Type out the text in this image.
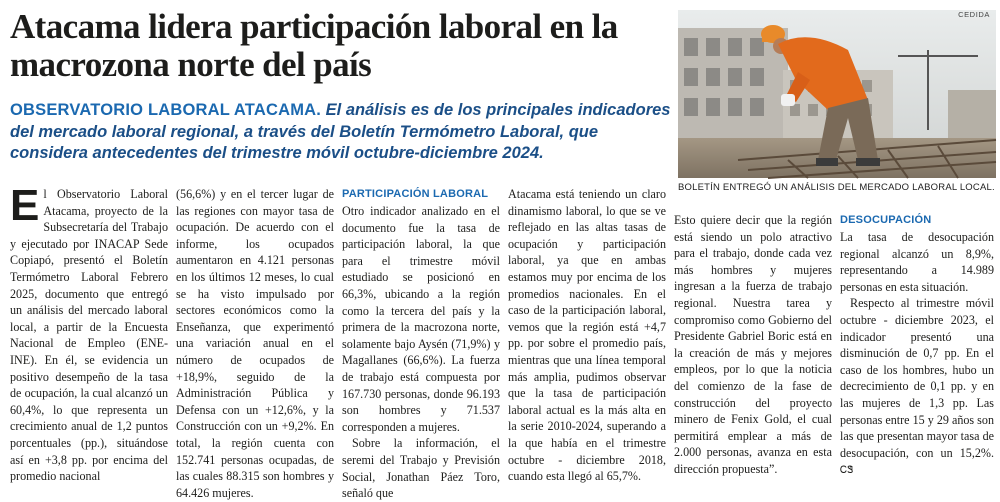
Atacama lidera participación laboral en la macrozona norte del país
OBSERVATORIO LABORAL ATACAMA. El análisis es de los principales indicadores del mercado laboral regional, a través del Boletín Termómetro Laboral, que considera antecedentes del trimestre móvil octubre-diciembre 2024.
CEDIDA
BOLETÍN ENTREGÓ UN ANÁLISIS DEL MERCADO LABORAL LOCAL.

El Observatorio Laboral Atacama, proyecto de la Subsecretaría del Trabajo y ejecutado por INACAP Sede Copiapó, presentó el Boletín Termómetro Laboral Febrero 2025, documento que entregó un análisis del mercado laboral local, a partir de la Encuesta Nacional de Empleo (ENE-INE). En él, se evidencia un positivo desempeño de la tasa de ocupación, la cual alcanzó un 60,4%, lo que representa un crecimiento anual de 1,2 puntos porcentuales (pp.), situándose así en +3,8 pp. por encima del promedio nacional

(56,6%) y en el tercer lugar de las regiones con mayor tasa de ocupación. De acuerdo con el informe, los ocupados aumentaron en 4.121 personas en los últimos 12 meses, lo cual se ha visto impulsado por sectores económicos como la Enseñanza, que experimentó una variación anual en el número de ocupados de +18,9%, seguido de la Administración Pública y Defensa con un +12,6%, y la Construcción con un +9,2%. En total, la región cuenta con 152.741 personas ocupadas, de las cuales 88.315 son hombres y 64.426 mujeres.

PARTICIPACIÓN LABORAL

Otro indicador analizado en el documento fue la tasa de participación laboral, la que para el trimestre móvil estudiado se posicionó en 66,3%, ubicando a la región como la tercera del país y la primera de la macrozona norte, solamente bajo Aysén (71,9%) y Magallanes (66,6%). La fuerza de trabajo está compuesta por 167.730 personas, donde 96.193 son hombres y 71.537 corresponden a mujeres.

Sobre la información, el seremi del Trabajo y Previsión Social, Jonathan Páez Toro, señaló que

Atacama está teniendo un claro dinamismo laboral, lo que se ve reflejado en las altas tasas de ocupación y participación laboral, ya que en ambas estamos muy por encima de los promedios nacionales. En el caso de la participación laboral, vemos que la región está +4,7 pp. por sobre el promedio país, mientras que una línea temporal más amplia, pudimos observar que la tasa de participación laboral actual es la más alta en la serie 2010-2024, superando a la que había en el trimestre octubre - diciembre 2018, cuando esta llegó al 65,7%.

Esto quiere decir que la región está siendo un polo atractivo para el trabajo, donde cada vez más hombres y mujeres ingresan a la fuerza de trabajo regional. Nuestra tarea y compromiso como Gobierno del Presidente Gabriel Boric está en la creación de más y mejores empleos, por lo que la noticia del comienzo de la fase de construcción del proyecto minero de Fenix Gold, el cual permitirá emplear a más de 2.000 personas, avanza en esta dirección propuesta”.

DESOCUPACIÓN

La tasa de desocupación regional alcanzó un 8,9%, representando a 14.989 personas en esta situación.

Respecto al trimestre móvil octubre - diciembre 2023, el indicador presentó una disminución de 0,7 pp. En el caso de los hombres, hubo un decrecimiento de 0,1 pp. y en las mujeres de 1,3 pp. Las personas entre 15 y 29 años son las que presentan mayor tasa de desocupación, con un 15,2%. ᏟᏕ
